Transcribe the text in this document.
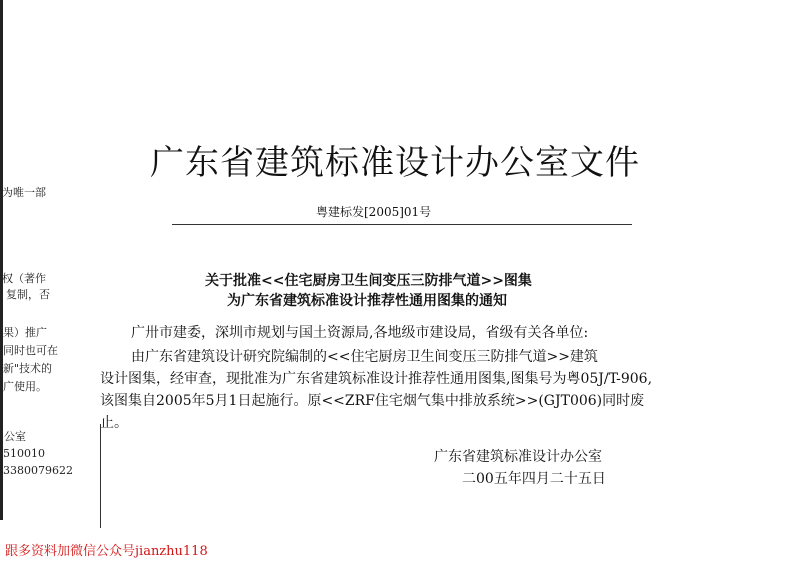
为唯一部
权（著作
复制，否
果）推广
同时也可在
新"技术的
广使用。
公室
510010
3380079622
广东省建筑标准设计办公室文件
粤建标发[2005]01号
关于批准<<住宅厨房卫生间变压三防排气道>>图集
为广东省建筑标准设计推荐性通用图集的通知
广卅市建委，深圳市规划与国土资源局,各地级市建设局，省级有关各单位:
由广东省建筑设计研究院编制的<<住宅厨房卫生间变压三防排气道>>建筑
设计图集，经审查，现批准为广东省建筑标准设计推荐性通用图集,图集号为粤05J/T-906,
该图集自2005年5月1日起施行。原<<ZRF住宅烟气集中排放系统>>(GJT006)同时废
止。
广东省建筑标准设计办公室
二00五年四月二十五日
跟多资料加微信公众号jianzhu118
